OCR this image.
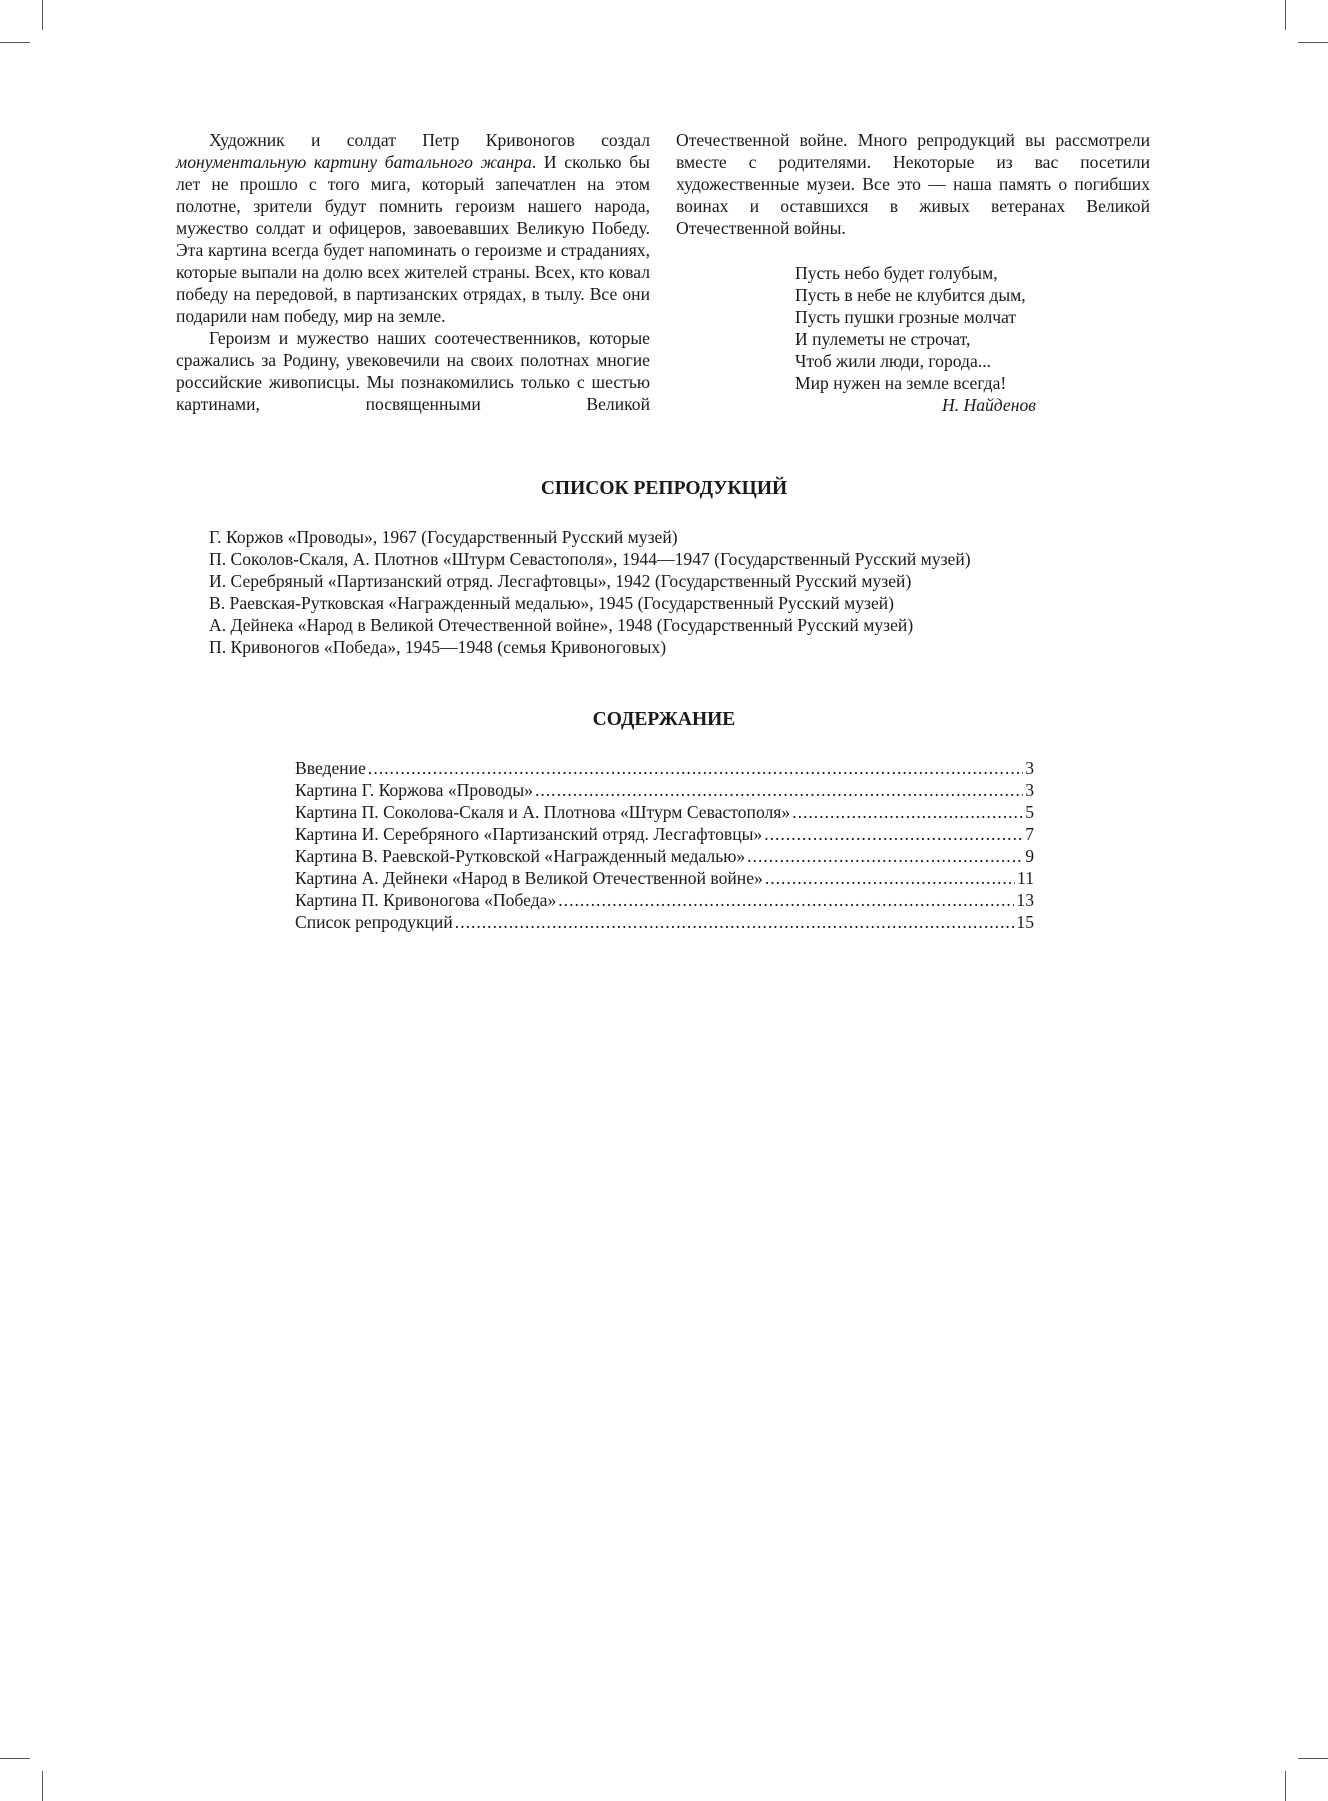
Художник и солдат Петр Кривоногов создал монументальную картину батального жанра. И сколько бы лет не прошло с того мига, который запечатлен на этом полотне, зрители будут помнить героизм нашего народа, мужество солдат и офицеров, завоевавших Великую Победу. Эта картина всегда будет напоминать о героизме и страданиях, которые выпали на долю всех жителей страны. Всех, кто ковал победу на передовой, в партизанских отрядах, в тылу. Все они подарили нам победу, мир на земле.

Героизм и мужество наших соотечественников, которые сражались за Родину, увековечили на своих полотнах многие российские живописцы. Мы познакомились только с шестью картинами, посвященными Великой

Отечественной войне. Много репродукций вы рассмотрели вместе с родителями. Некоторые из вас посетили художественные музеи. Все это — наша память о погибших воинах и оставшихся в живых ветеранах Великой Отечественной войны.

Пусть небо будет голубым,
Пусть в небе не клубится дым,
Пусть пушки грозные молчат
И пулеметы не строчат,
Чтоб жили люди, города...
Мир нужен на земле всегда!
Н. Найденов
СПИСОК РЕПРОДУКЦИЙ
Г. Коржов «Проводы», 1967 (Государственный Русский музей)
П. Соколов-Скаля, А. Плотнов «Штурм Севастополя», 1944—1947 (Государственный Русский музей)
И. Серебряный «Партизанский отряд. Лесгафтовцы», 1942 (Государственный Русский музей)
В. Раевская-Рутковская «Награжденный медалью», 1945 (Государственный Русский музей)
А. Дейнека «Народ в Великой Отечественной войне», 1948 (Государственный Русский музей)
П. Кривоногов «Победа», 1945—1948 (семья Кривоноговых)
СОДЕРЖАНИЕ
Введение .....	3
Картина Г. Коржова «Проводы» .....	3
Картина П. Соколова-Скаля и А. Плотнова «Штурм Севастополя» .....	5
Картина И. Серебряного «Партизанский отряд. Лесгафтовцы» .....	7
Картина В. Раевской-Рутковской «Награжденный медалью» .....	9
Картина А. Дейнеки «Народ в Великой Отечественной войне» .....	11
Картина П. Кривоногова «Победа» .....	13
Список репродукций .....	15
